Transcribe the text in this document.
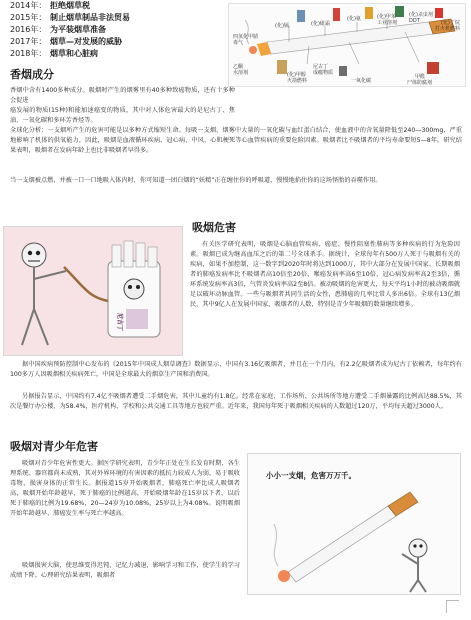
2014年： 拒绝烟草税
2015年： 制止烟草制品非法贸易
2016年： 为平装烟草准备
2017年： 烟草—对发展的威胁
2018年： 烟草和心脏病
(化)镉	(化)砒霜
(化)氨	(化)甲苯
工业溶剂
(化)杀虫剂
DDT	(化)丁烷
打火机燃料
四氢化甲腈
毒气
乙酮
水溶剂	(化)甲醇
火箭燃料
尼古丁
成瘾物质
一氧化碳
甲醛
尸体防腐剂
香烟成分
香烟中含有1400多种成分。吸烟时产生的烟雾里有40多种致癌物质，还有十多种会促进
癌发展的物质(15种)和能加速癌变的物质，其中对人体危害最大的是尼古丁、焦油、一氧化碳和多环芳香烃等。
全球化分析：一支烟所产生的危害可能是以多种方式缩短生命。每吸一支烟，烟雾中大量的一氧化碳与血红蛋白结合，使血液中的含氧量降低至240—300mg，严重地影响了机体的供氧能力，因此，吸烟是血液循环疾病、冠心病、中风、心肌梗死等心血管疾病的重要危险因素。吸烟者比不吸烟者的平均寿命要短5—8年。研究结果表明，吸烟者在发病年龄上也比非吸烟者早得多。
当一支烟被点燃，并被一口一口地吸入体内时，你可知道一团白烟的“妖精”正在缠住你的呼吸道，慢慢地掐住你的这场怪胎的吞噬作用。
尼古丁
吸烟危害
有关医学研究表明，吸烟是心脑血管疾病、癌症、慢性阻塞性肺病等多种疾病的行为危险因素。吸烟已成为继高血压之后的第二号全球杀手。据统计，全球每年有500万人死于与吸烟有关的疾病，如果不加控制，这一数字到2020年时将达到1000万，其中大部分在发展中国家。长期吸烟者的肺癌发病率比不吸烟者高10倍至20倍，喉癌发病率高6至10倍，冠心病发病率高2至3倍，循环系统发病率高3倍，气管炎发病率高2至8倍。被动吸烟的危害更大，每天平均1小时的被动吸烟就足以破坏动脉血管。一些与吸烟者共同生活的女性，患肺癌的几率比常人多出6倍。全球有13亿烟民，其中9亿人在发展中国家，吸烟者的人数，特别是青少年吸烟的数量继续增多。
据中国疾病预防控制中心发布的《2015年中国成人烟草调查》数据显示，中国有3.16亿吸烟者，并且在一个月内，有2.2亿吸烟者成为尼古丁依赖者，每年约有100多万人因吸烟相关疾病死亡，中国是全球最大的烟草生产国和消费国。
另据报告显示，中国约有7.4亿不吸烟者遭受二手烟危害，其中儿童约有1.8亿。经常在家庭、工作场所、公共场所等地方遭受二手烟暴露的比例高达88.5%，其次是餐厅办公楼，为58.4%，医疗机构、学校和公共交通工具等地方也较严重。近年来，我国每年死于吸烟相关疾病的人数超过120万，平均每天超过3000人。
吸烟对青少年危害
吸烟对青少年危害性更大。据医学研究表明，青少年正处在生长发育时期，各生理系统、器官都尚未成熟，其对外界环境的有害因素的抵抗力较成人为弱，易于吸收毒物，损害身体的正常生长。据报道15岁开始吸烟者，肺癌死亡率比成人吸烟者高，吸烟开始年龄越早，死于肺癌的比例越高，开始吸烟年龄在15岁以下者，以后死于肺癌的比例为19.68%，20—24岁为10.08%，25岁以上为4.08%。说明吸烟开始年龄越早，肺癌发生率与死亡率越高。
吸烟损害大脑，使思维变得迟钝，记忆力减退，影响学习和工作，使学生的学习成绩下降。心理研究结果表明，吸烟者
小小一支烟，危害万万千。
